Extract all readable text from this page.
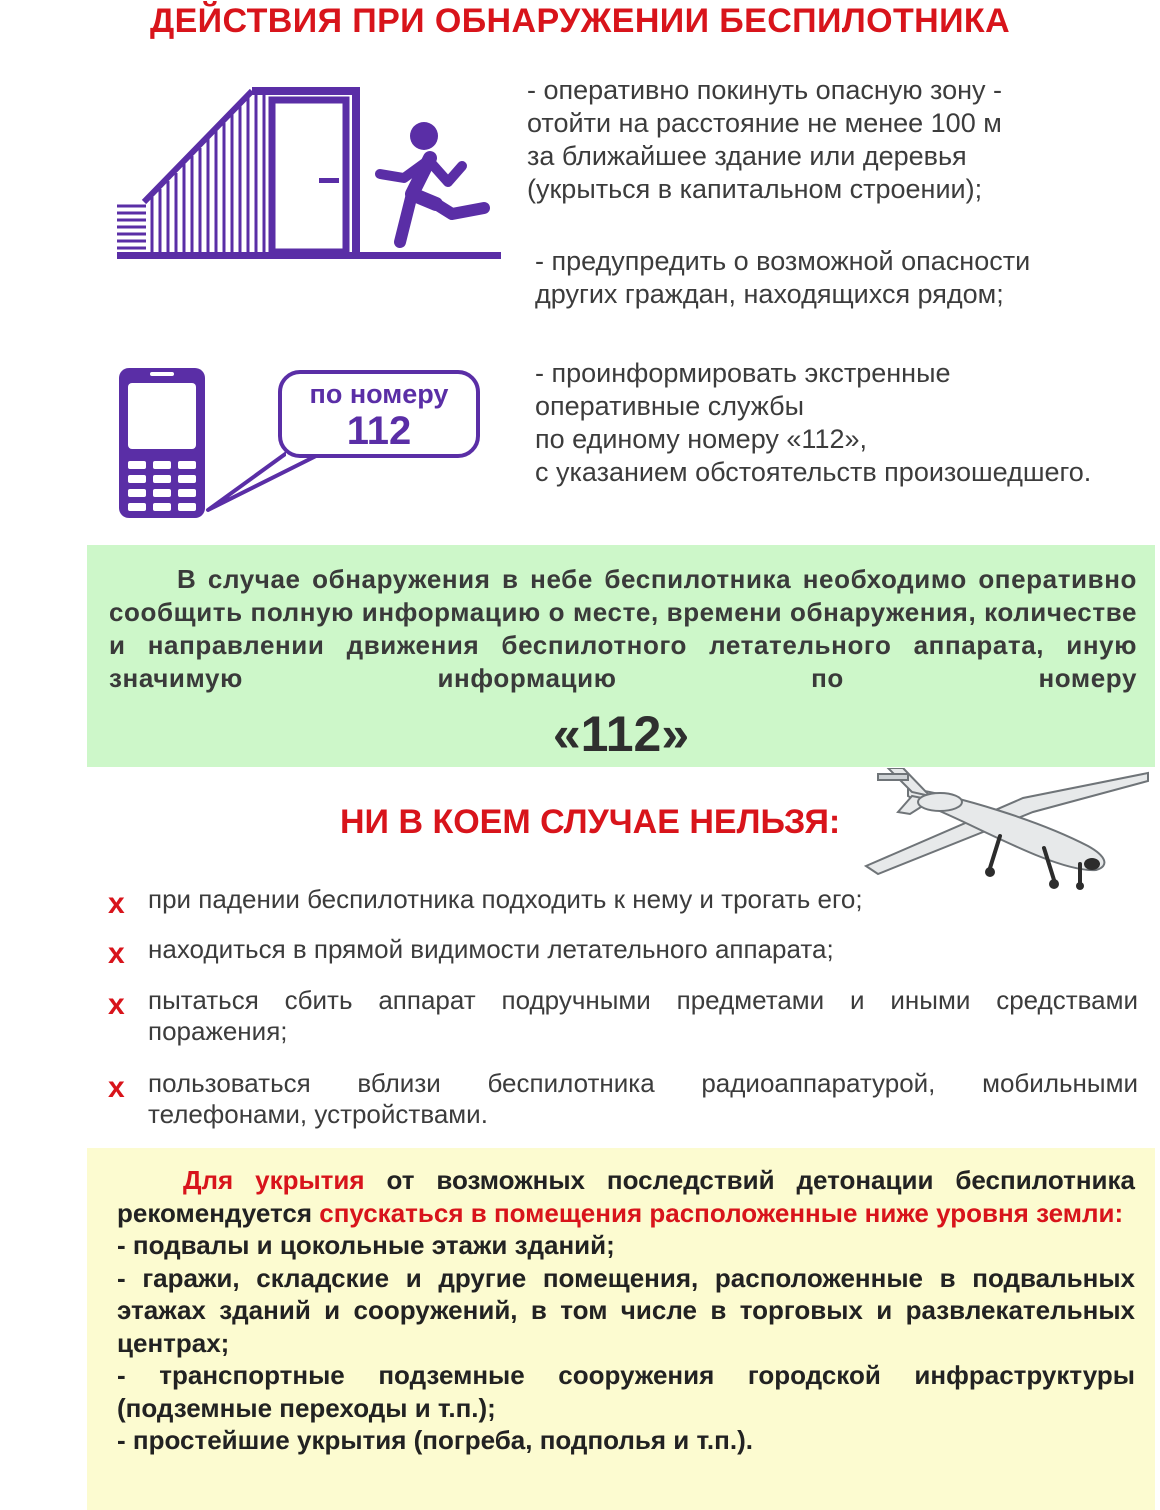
ДЕЙСТВИЯ ПРИ ОБНАРУЖЕНИИ БЕСПИЛОТНИКА
- оперативно покинуть опасную зону -
отойти на расстояние не менее 100 м
за ближайшее здание или деревья
(укрыться в капитальном строении);
- предупредить о возможной опасности
других граждан, находящихся рядом;
по номеру
112
- проинформировать экстренные
оперативные службы
по единому номеру «112»,
с указанием обстоятельств произошедшего.
В случае обнаружения в небе беспилотника необходимо оперативно сообщить полную информацию о месте, времени обнаружения, количестве и направлении движения беспилотного летательного аппарата, иную значимую информацию по номеру
«112»
НИ В КОЕМ СЛУЧАЕ НЕЛЬЗЯ:
x при падении беспилотника подходить к нему и трогать его;
x находиться в прямой видимости летательного аппарата;
x пытаться сбить аппарат подручными предметами и иными средствами поражения;
x пользоваться вблизи беспилотника радиоаппаратурой, мобильными телефонами, устройствами.
Для укрытия от возможных последствий детонации беспилотника рекомендуется спускаться в помещения расположенные ниже уровня земли:
- подвалы и цокольные этажи зданий;
- гаражи, складские и другие помещения, расположенные в подвальных этажах зданий и сооружений, в том числе в торговых и развлекательных центрах;
- транспортные подземные сооружения городской инфраструктуры (подземные переходы и т.п.);
- простейшие укрытия (погреба, подполья и т.п.).
